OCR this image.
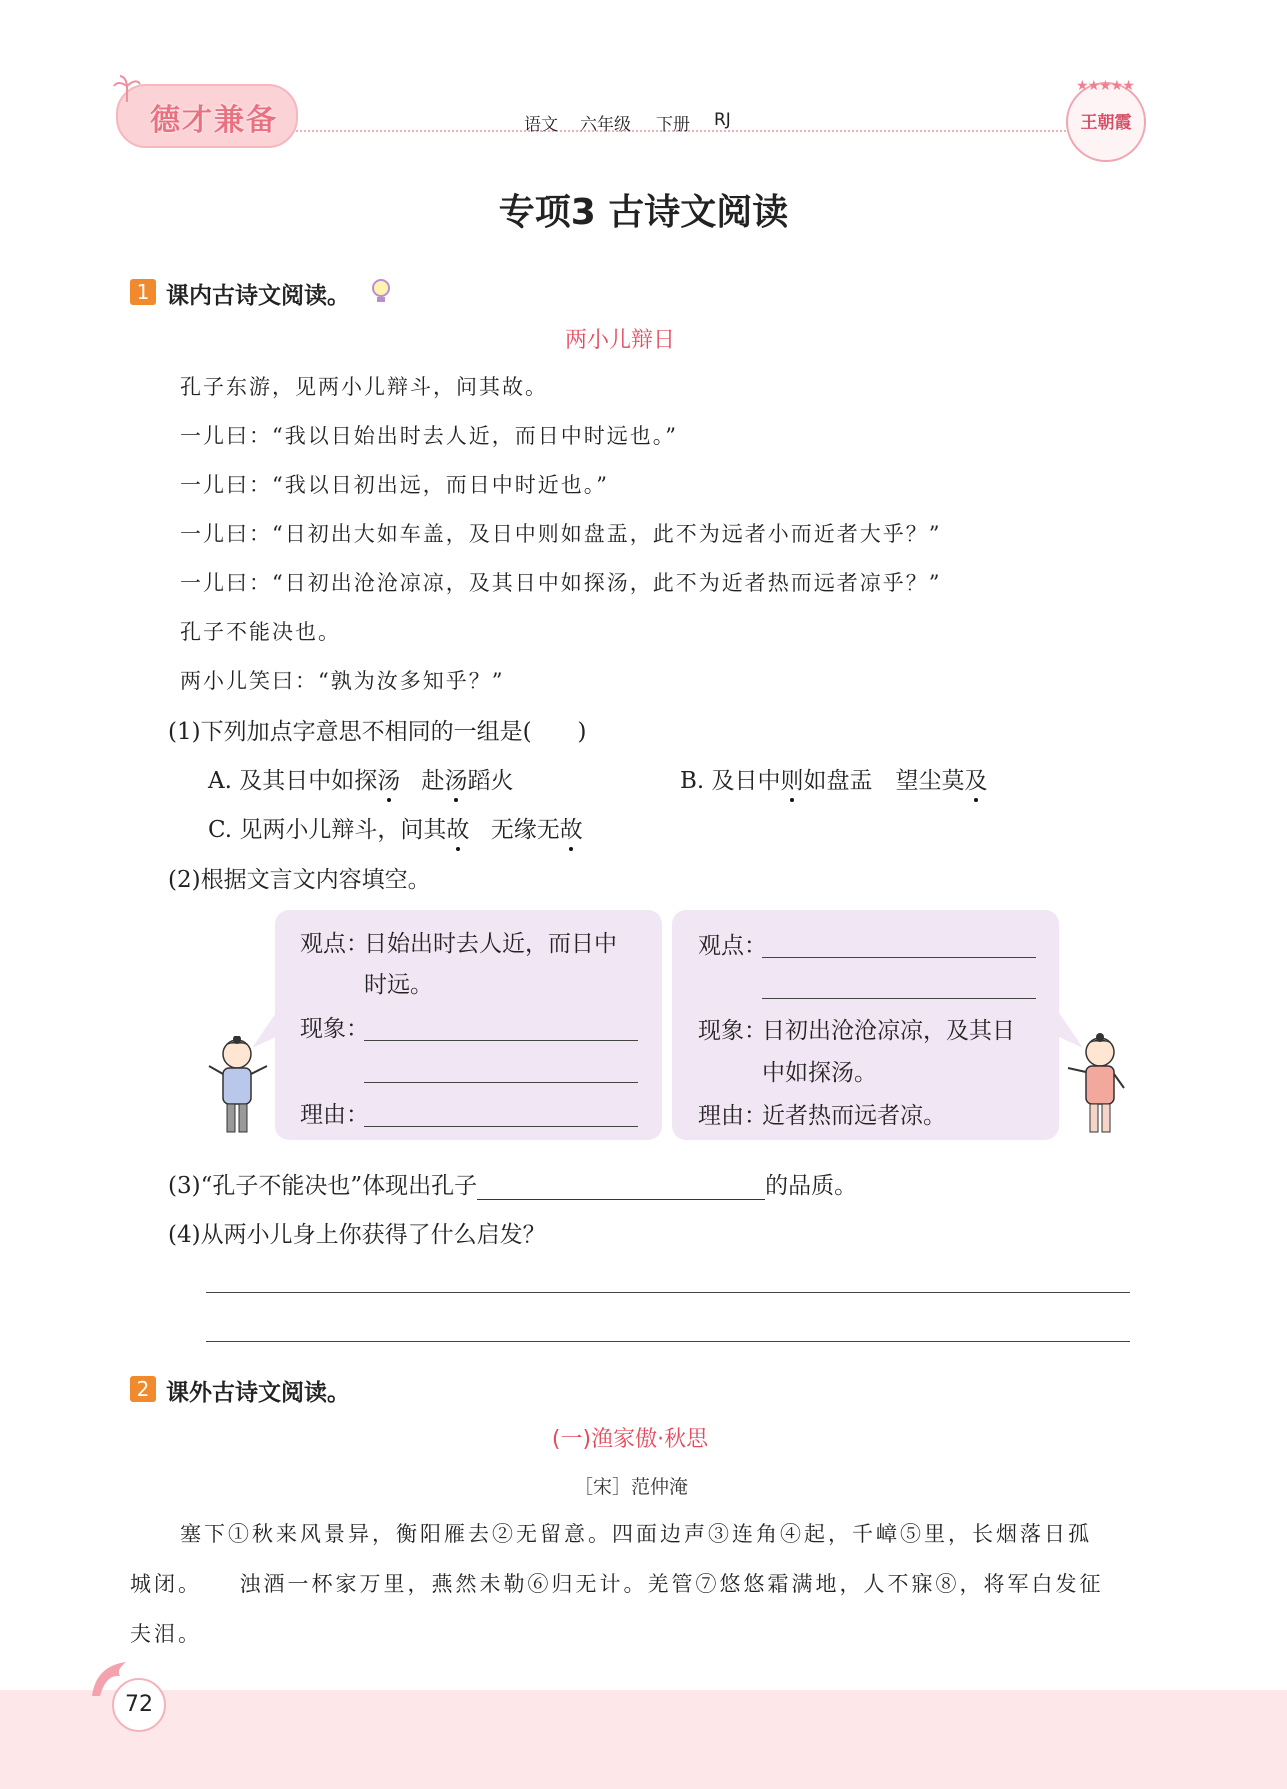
德才兼备	语文 六年级 下册 RJ
★★★★★
王朝霞
专项3 古诗文阅读
1 课内古诗文阅读。
两小儿辩日
孔子东游，见两小儿辩斗，问其故。
一儿曰：“我以日始出时去人近，而日中时远也。”
一儿曰：“我以日初出远，而日中时近也。”
一儿曰：“日初出大如车盖，及日中则如盘盂，此不为远者小而近者大乎？”
一儿曰：“日初出沧沧凉凉，及其日中如探汤，此不为近者热而远者凉乎？”
孔子不能决也。
两小儿笑曰：“孰为汝多知乎？”
(1)下列加点字意思不相同的一组是(　　)
A. 及其日中如探汤 赴汤蹈火	B. 及日中则如盘盂　望尘莫及
C. 见两小儿辩斗，问其故 无缘无故
(2)根据文言文内容填空。
观点：
日始出时去人近，而日中
时远。
现象：
理由：
观点：
现象：
日初出沧沧凉凉，及其日
中如探汤。
理由：
近者热而远者凉。
(3)“孔子不能决也”体现出孔子	的品质。
(4)从两小儿身上你获得了什么启发？
2 课外古诗文阅读。
(一)渔家傲·秋思
［宋］范仲淹
塞下①秋来风景异，衡阳雁去②无留意。四面边声③连角④起，千嶂⑤里，长烟落日孤
城闭。　　浊酒一杯家万里，燕然未勒⑥归无计。羌管⑦悠悠霜满地，人不寐⑧，将军白发征
夫泪。
72
